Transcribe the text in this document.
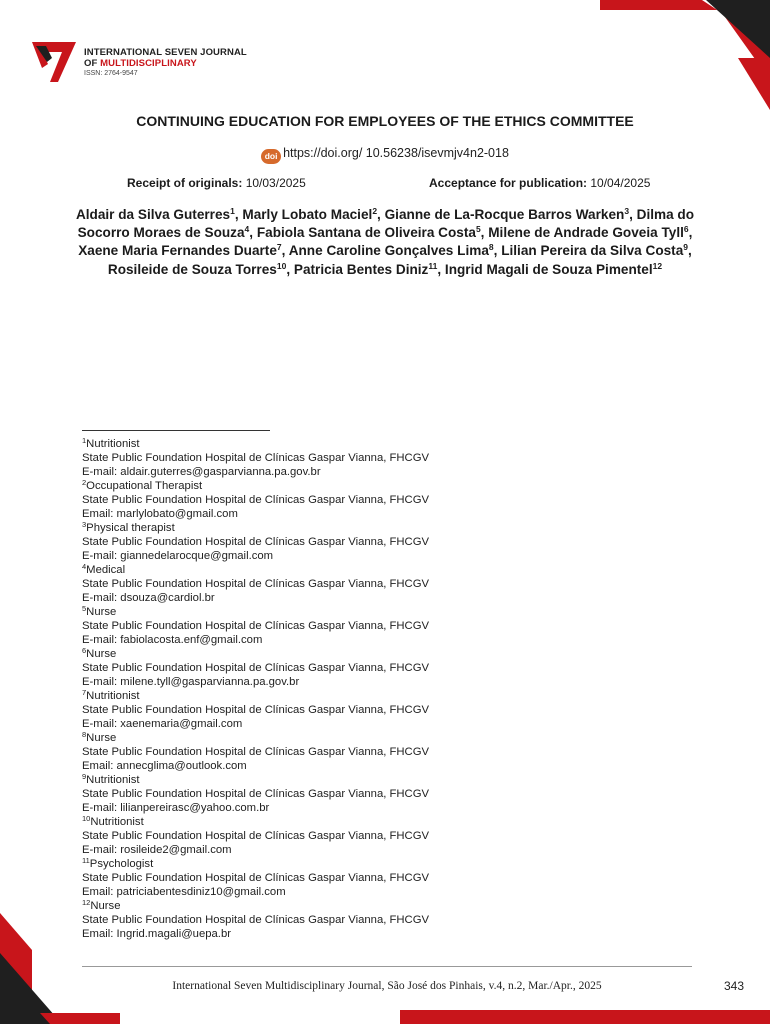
INTERNATIONAL SEVEN JOURNAL
OF MULTIDISCIPLINARY
ISSN: 2764-9547
CONTINUING EDUCATION FOR EMPLOYEES OF THE ETHICS COMMITTEE
doi https://doi.org/ 10.56238/isevmjv4n2-018
Receipt of originals: 10/03/2025	Acceptance for publication: 10/04/2025
Aldair da Silva Guterres$^1$, Marly Lobato Maciel$^2$, Gianne de La-Rocque Barros Warken$^3$, Dilma do Socorro Moraes de Souza$^4$, Fabiola Santana de Oliveira Costa$^5$, Milene de Andrade Goveia Tyll$^6$, Xaene Maria Fernandes Duarte$^7$, Anne Caroline Gonçalves Lima$^8$, Lilian Pereira da Silva Costa$^9$, Rosileide de Souza Torres$^{10}$, Patricia Bentes Diniz$^{11}$, Ingrid Magali de Souza Pimentel$^{12}$
$^1$Nutritionist
State Public Foundation Hospital de Clínicas Gaspar Vianna, FHCGV
E-mail: aldair.guterres@gasparvianna.pa.gov.br
$^2$Occupational Therapist
State Public Foundation Hospital de Clínicas Gaspar Vianna, FHCGV
Email: marlylobato@gmail.com
$^3$Physical therapist
State Public Foundation Hospital de Clínicas Gaspar Vianna, FHCGV
E-mail: giannedelarocque@gmail.com
$^4$Medical
State Public Foundation Hospital de Clínicas Gaspar Vianna, FHCGV
E-mail: dsouza@cardiol.br
$^5$Nurse
State Public Foundation Hospital de Clínicas Gaspar Vianna, FHCGV
E-mail: fabiolacosta.enf@gmail.com
$^6$Nurse
State Public Foundation Hospital de Clínicas Gaspar Vianna, FHCGV
E-mail: milene.tyll@gasparvianna.pa.gov.br
$^7$Nutritionist
State Public Foundation Hospital de Clínicas Gaspar Vianna, FHCGV
E-mail: xaenemaria@gmail.com
$^8$Nurse
State Public Foundation Hospital de Clínicas Gaspar Vianna, FHCGV
Email: annecglima@outlook.com
$^9$Nutritionist
State Public Foundation Hospital de Clínicas Gaspar Vianna, FHCGV
E-mail: lilianpereirasc@yahoo.com.br
$^{10}$Nutritionist
State Public Foundation Hospital de Clínicas Gaspar Vianna, FHCGV
E-mail: rosileide2@gmail.com
$^{11}$Psychologist
State Public Foundation Hospital de Clínicas Gaspar Vianna, FHCGV
Email: patriciabentesdiniz10@gmail.com
$^{12}$Nurse
State Public Foundation Hospital de Clínicas Gaspar Vianna, FHCGV
Email: Ingrid.magali@uepa.br
International Seven Multidisciplinary Journal, São José dos Pinhais, v.4, n.2, Mar./Apr., 2025	343
